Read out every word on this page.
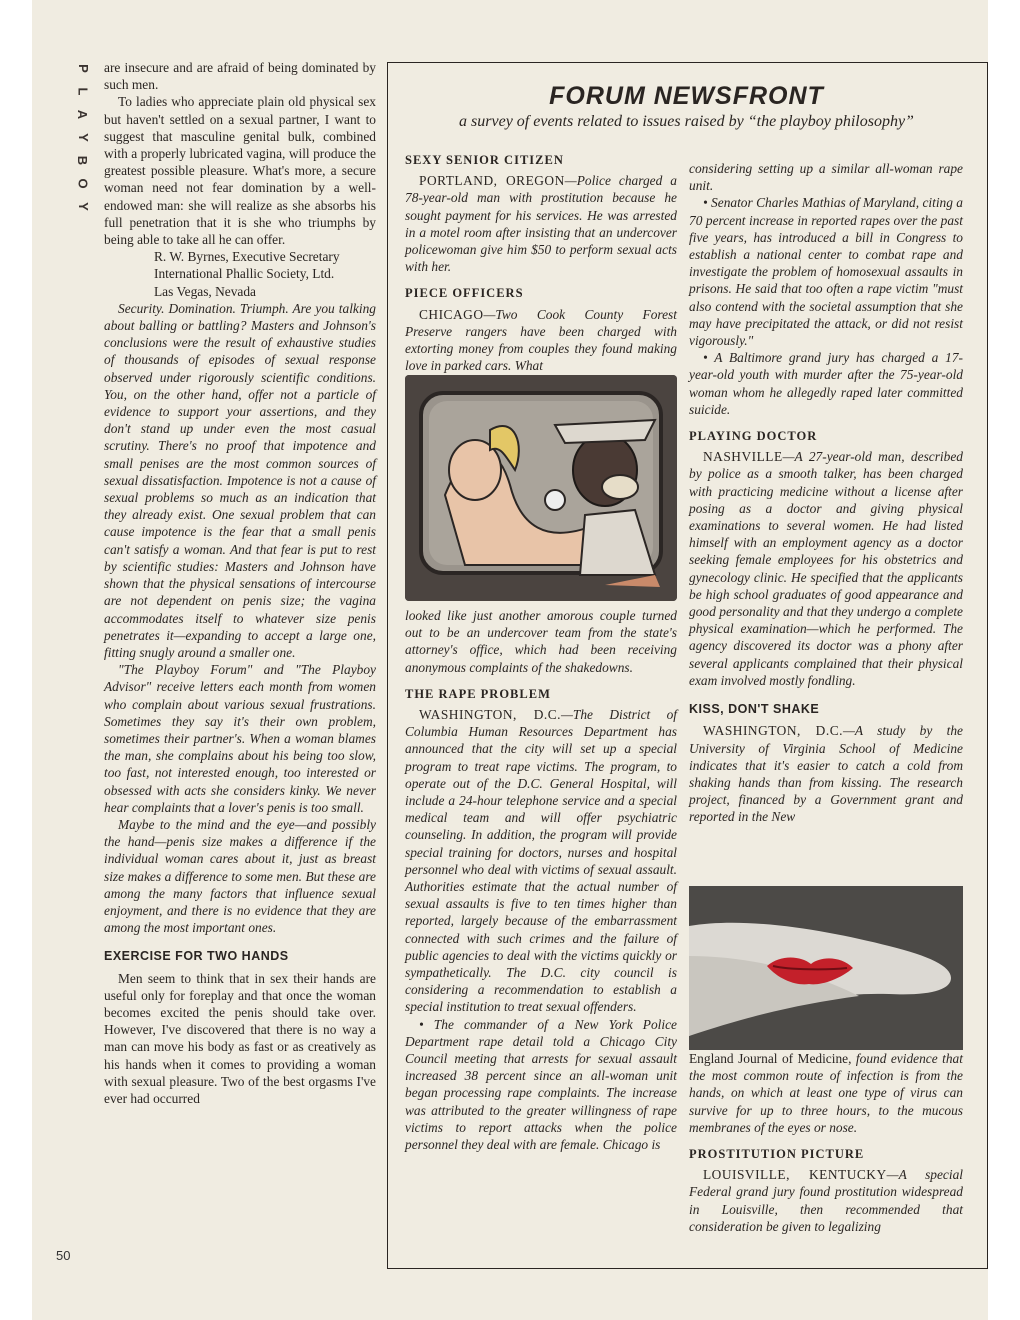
P
L
A
Y
B
O
Y
50

are insecure and are afraid of being dominated by such men.

To ladies who appreciate plain old physical sex but haven't settled on a sexual partner, I want to suggest that masculine genital bulk, combined with a properly lubricated vagina, will produce the greatest possible pleasure. What's more, a secure woman need not fear domination by a well-endowed man: she will realize as she absorbs his full penetration that it is she who triumphs by being able to take all he can offer.

R. W. Byrnes, Executive Secretary

International Phallic Society, Ltd.

Las Vegas, Nevada

Security. Domination. Triumph. Are you talking about balling or battling? Masters and Johnson's conclusions were the result of exhaustive studies of thousands of episodes of sexual response observed under rigorously scientific conditions. You, on the other hand, offer not a particle of evidence to support your assertions, and they don't stand up under even the most casual scrutiny. There's no proof that impotence and small penises are the most common sources of sexual dissatisfaction. Impotence is not a cause of sexual problems so much as an indication that they already exist. One sexual problem that can cause impotence is the fear that a small penis can't satisfy a woman. And that fear is put to rest by scientific studies: Masters and Johnson have shown that the physical sensations of intercourse are not dependent on penis size; the vagina accommodates itself to whatever size penis penetrates it—expanding to accept a large one, fitting snugly around a smaller one.

"The Playboy Forum" and "The Playboy Advisor" receive letters each month from women who complain about various sexual frustrations. Sometimes they say it's their own problem, sometimes their partner's. When a woman blames the man, she complains about his being too slow, too fast, not interested enough, too interested or obsessed with acts she considers kinky. We never hear complaints that a lover's penis is too small.

Maybe to the mind and the eye—and possibly the hand—penis size makes a difference if the individual woman cares about it, just as breast size makes a difference to some men. But these are among the many factors that influence sexual enjoyment, and there is no evidence that they are among the most important ones.

EXERCISE FOR TWO HANDS

Men seem to think that in sex their hands are useful only for foreplay and that once the woman becomes excited the penis should take over. However, I've discovered that there is no way a man can move his body as fast or as creatively as his hands when it comes to providing a woman with sexual pleasure. Two of the best orgasms I've ever had occurred

FORUM NEWSFRONT
a survey of events related to issues raised by “the playboy philosophy”
SEXY SENIOR CITIZEN

PORTLAND, OREGON—Police charged a 78-year-old man with prostitution because he sought payment for his services. He was arrested in a motel room after insisting that an undercover policewoman give him $50 to perform sexual acts with her.

PIECE OFFICERS

CHICAGO—Two Cook County Forest Preserve rangers have been charged with extorting money from couples they found making love in parked cars. What

looked like just another amorous couple turned out to be an undercover team from the state's attorney's office, which had been receiving anonymous complaints of the shakedowns.

THE RAPE PROBLEM

WASHINGTON, D.C.—The District of Columbia Human Resources Department has announced that the city will set up a special program to treat rape victims. The program, to operate out of the D.C. General Hospital, will include a 24-hour telephone service and a special medical team and will offer psychiatric counseling. In addition, the program will provide special training for doctors, nurses and hospital personnel who deal with victims of sexual assault. Authorities estimate that the actual number of sexual assaults is five to ten times higher than reported, largely because of the embarrassment connected with such crimes and the failure of public agencies to deal with the victims quickly or sympathetically. The D.C. city council is considering a recommendation to establish a special institution to treat sexual offenders.

• The commander of a New York Police Department rape detail told a Chicago City Council meeting that arrests for sexual assault increased 38 percent since an all-woman unit began processing rape complaints. The increase was attributed to the greater willingness of rape victims to report attacks when the police personnel they deal with are female. Chicago is

considering setting up a similar all-woman rape unit.

• Senator Charles Mathias of Maryland, citing a 70 percent increase in reported rapes over the past five years, has introduced a bill in Congress to establish a national center to combat rape and investigate the problem of homosexual assaults in prisons. He said that too often a rape victim "must also contend with the societal assumption that she may have precipitated the attack, or did not resist vigorously."

• A Baltimore grand jury has charged a 17-year-old youth with murder after the 75-year-old woman whom he allegedly raped later committed suicide.

PLAYING DOCTOR

NASHVILLE—A 27-year-old man, described by police as a smooth talker, has been charged with practicing medicine without a license after posing as a doctor and giving physical examinations to several women. He had listed himself with an employment agency as a doctor seeking female employees for his obstetrics and gynecology clinic. He specified that the applicants be high school graduates of good appearance and good personality and that they undergo a complete physical examination—which he performed. The agency discovered its doctor was a phony after several applicants complained that their physical exam involved mostly fondling.

KISS, DON'T SHAKE

WASHINGTON, D.C.—A study by the University of Virginia School of Medicine indicates that it's easier to catch a cold from shaking hands than from kissing. The research project, financed by a Government grant and reported in the New

England Journal of Medicine, found evidence that the most common route of infection is from the hands, on which at least one type of virus can survive for up to three hours, to the mucous membranes of the eyes or nose.

PROSTITUTION PICTURE

LOUISVILLE, KENTUCKY—A special Federal grand jury found prostitution widespread in Louisville, then recommended that consideration be given to legalizing
